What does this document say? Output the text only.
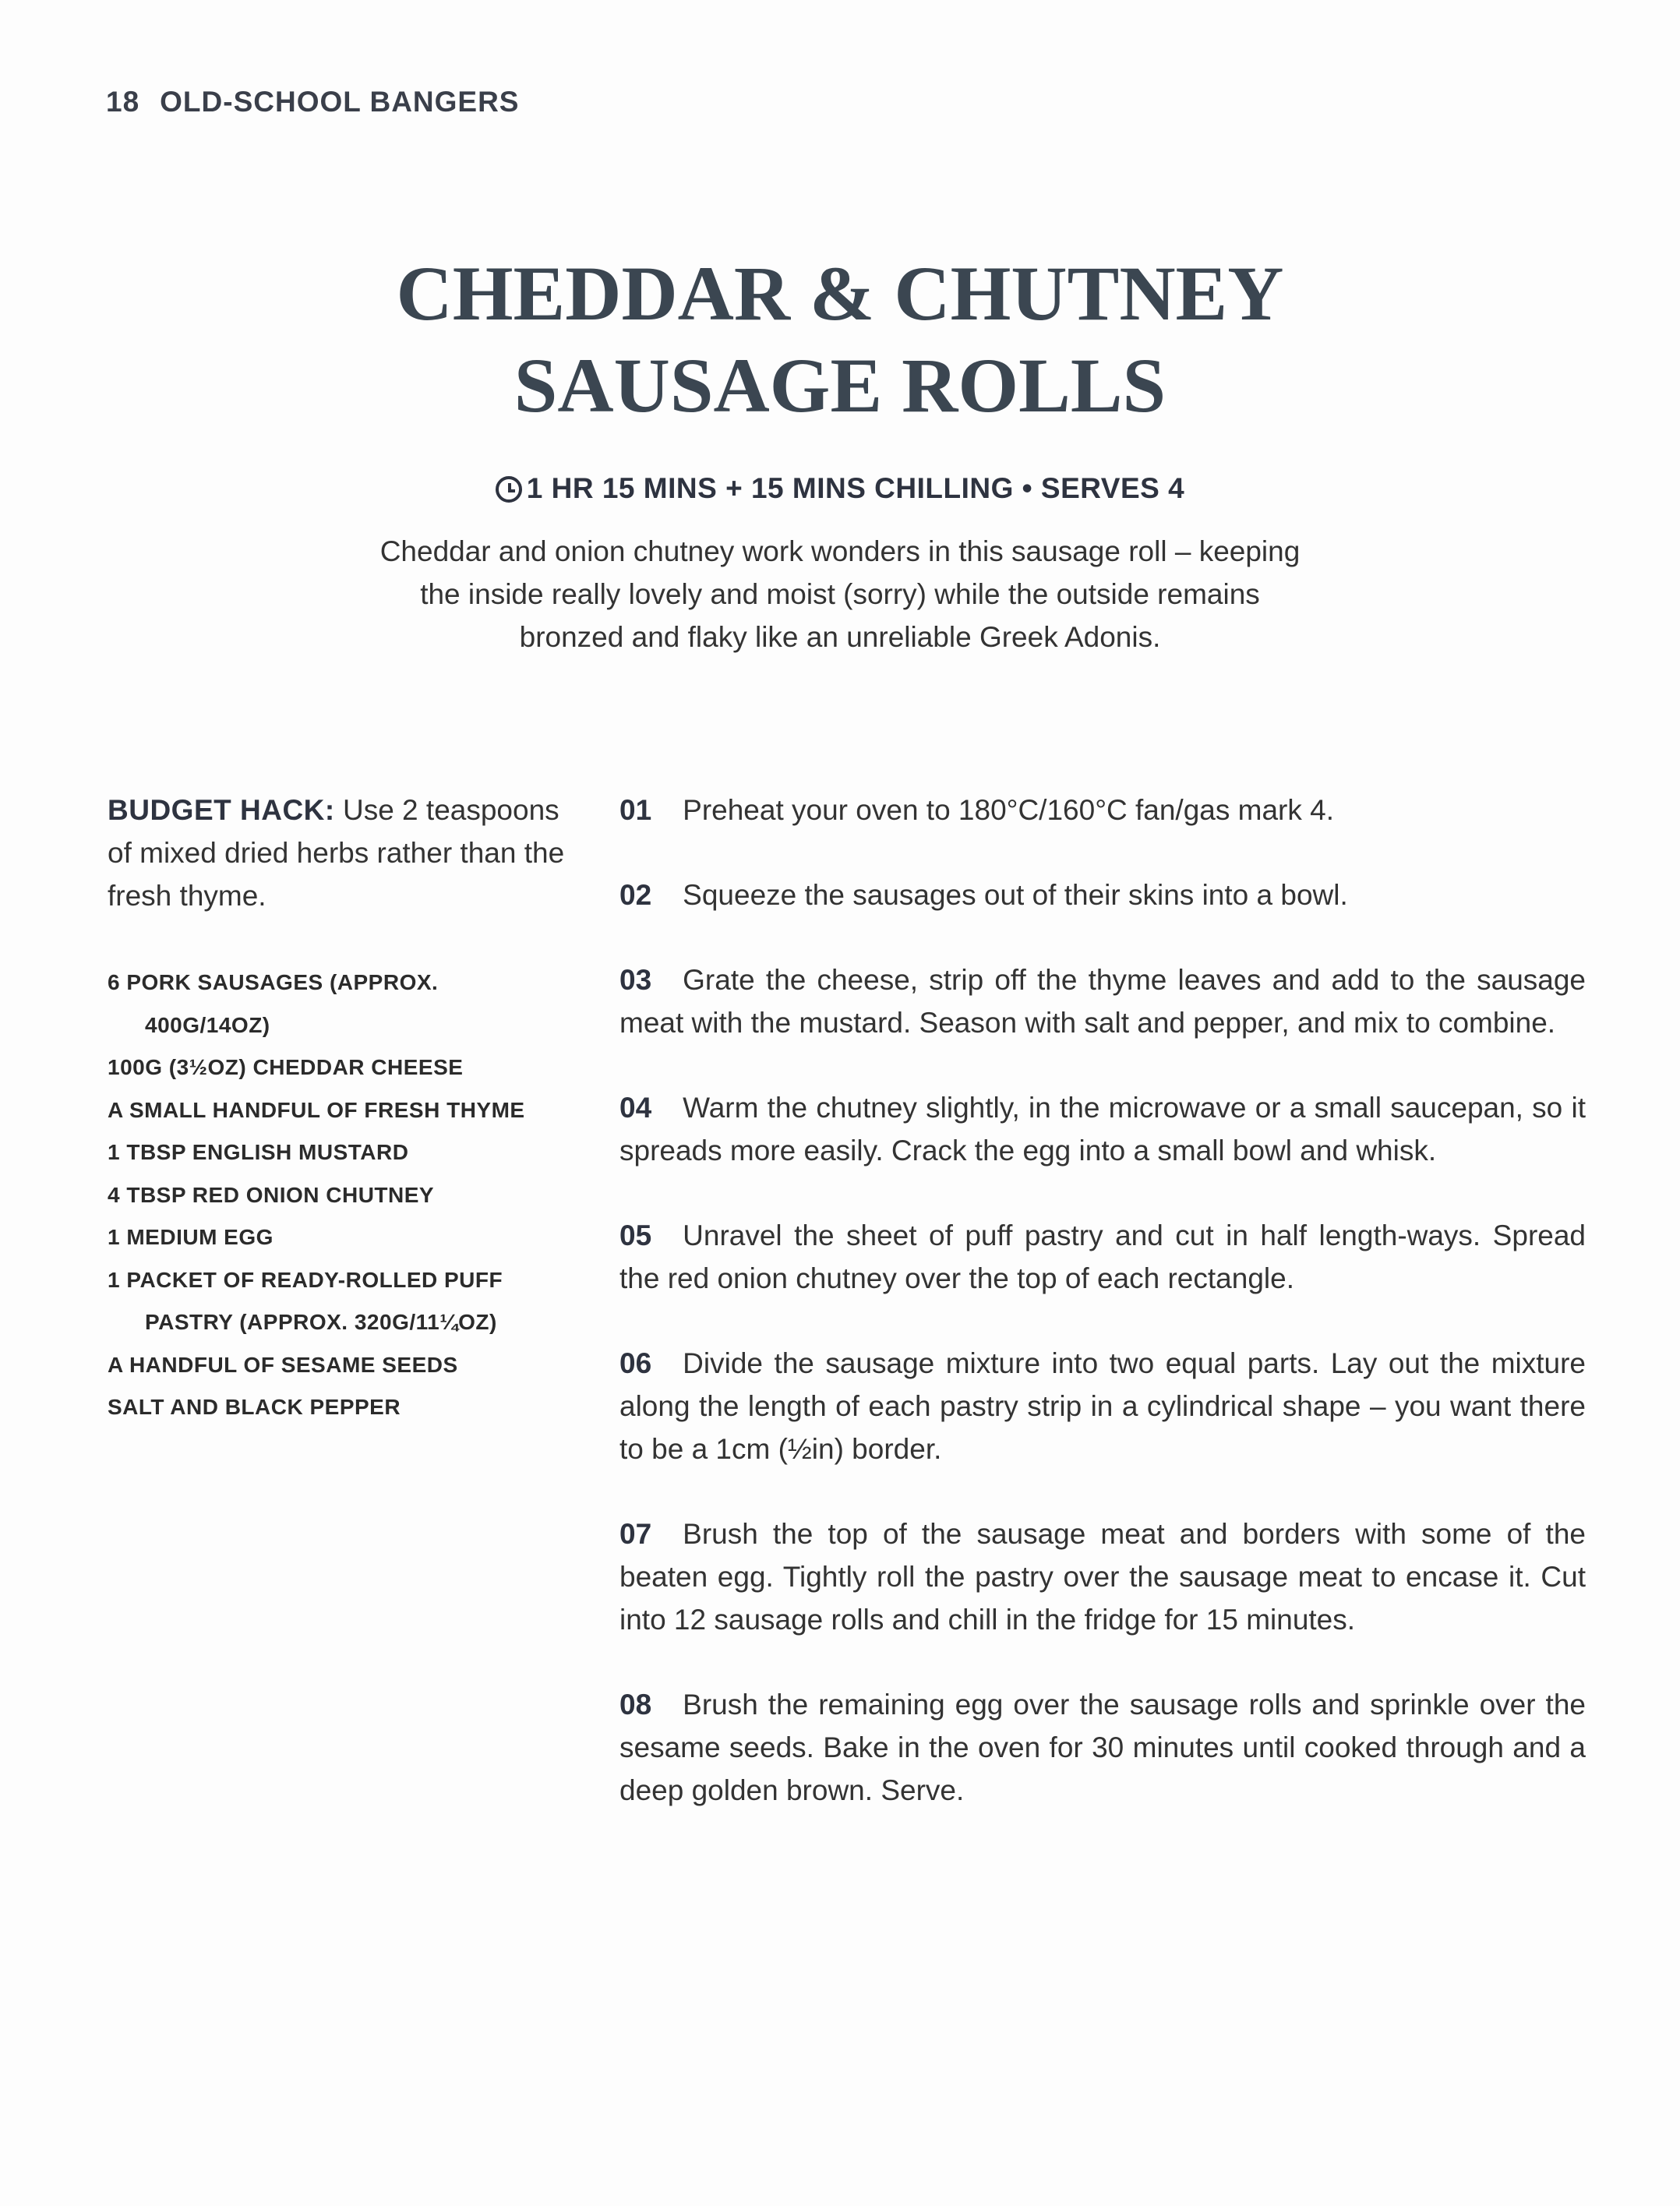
18 OLD-SCHOOL BANGERS
CHEDDAR & CHUTNEY
SAUSAGE ROLLS
1 HR 15 MINS + 15 MINS CHILLING • SERVES 4

Cheddar and onion chutney work wonders in this sausage roll – keeping

the inside really lovely and moist (sorry) while the outside remains

bronzed and flaky like an unreliable Greek Adonis.

BUDGET HACK: Use 2 teaspoons of mixed dried herbs rather than the fresh thyme.

6 PORK SAUSAGES (APPROX.
400G/14OZ)
100G (3½OZ) CHEDDAR CHEESE
A SMALL HANDFUL OF FRESH THYME
1 TBSP ENGLISH MUSTARD
4 TBSP RED ONION CHUTNEY
1 MEDIUM EGG
1 PACKET OF READY-ROLLED PUFF
PASTRY (APPROX. 320G/11¼OZ)
A HANDFUL OF SESAME SEEDS
SALT AND BLACK PEPPER

01 Preheat your oven to 180°C/160°C fan/gas mark 4.

02 Squeeze the sausages out of their skins into a bowl.

03 Grate the cheese, strip off the thyme leaves and add to the sausage meat with the mustard. Season with salt and pepper, and mix to combine.

04 Warm the chutney slightly, in the microwave or a small saucepan, so it spreads more easily. Crack the egg into a small bowl and whisk.

05 Unravel the sheet of puff pastry and cut in half length-ways. Spread the red onion chutney over the top of each rectangle.

06 Divide the sausage mixture into two equal parts. Lay out the mixture along the length of each pastry strip in a cylindrical shape – you want there to be a 1cm (½in) border.

07 Brush the top of the sausage meat and borders with some of the beaten egg. Tightly roll the pastry over the sausage meat to encase it. Cut into 12 sausage rolls and chill in the fridge for 15 minutes.

08 Brush the remaining egg over the sausage rolls and sprinkle over the sesame seeds. Bake in the oven for 30 minutes until cooked through and a deep golden brown. Serve.
